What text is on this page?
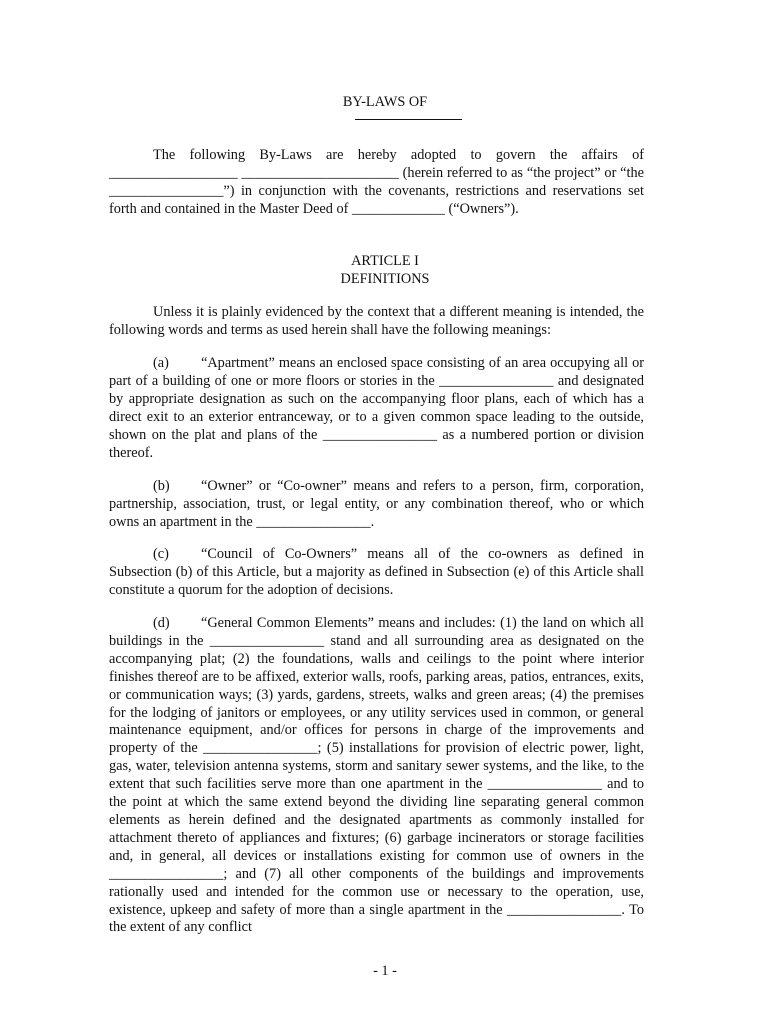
BY-LAWS OF

The following By-Laws are hereby adopted to govern the affairs of __________________ ______________________ (herein referred to as “the project” or “the ________________”) in conjunction with the covenants, restrictions and reservations set forth and contained in the Master Deed of _____________ (“Owners”).

ARTICLE I
DEFINITIONS

Unless it is plainly evidenced by the context that a different meaning is intended, the following words and terms as used herein shall have the following meanings:

(a) “Apartment” means an enclosed space consisting of an area occupying all or part of a building of one or more floors or stories in the ________________ and designated by appropriate designation as such on the accompanying floor plans, each of which has a direct exit to an exterior entranceway, or to a given common space leading to the outside, shown on the plat and plans of the ________________ as a numbered portion or division thereof.

(b) “Owner” or “Co-owner” means and refers to a person, firm, corporation, partnership, association, trust, or legal entity, or any combination thereof, who or which owns an apartment in the ________________.

(c) “Council of Co-Owners” means all of the co-owners as defined in Subsection (b) of this Article, but a majority as defined in Subsection (e) of this Article shall constitute a quorum for the adoption of decisions.

(d) “General Common Elements” means and includes: (1) the land on which all buildings in the ________________ stand and all surrounding area as designated on the accompanying plat; (2) the foundations, walls and ceilings to the point where interior finishes thereof are to be affixed, exterior walls, roofs, parking areas, patios, entrances, exits, or communication ways; (3) yards, gardens, streets, walks and green areas; (4) the premises for the lodging of janitors or employees, or any utility services used in common, or general maintenance equipment, and/or offices for persons in charge of the improvements and property of the ________________; (5) installations for provision of electric power, light, gas, water, television antenna systems, storm and sanitary sewer systems, and the like, to the extent that such facilities serve more than one apartment in the ________________ and to the point at which the same extend beyond the dividing line separating general common elements as herein defined and the designated apartments as commonly installed for attachment thereto of appliances and fixtures; (6) garbage incinerators or storage facilities and, in general, all devices or installations existing for common use of owners in the ________________; and (7) all other components of the buildings and improvements rationally used and intended for the common use or necessary to the operation, use, existence, upkeep and safety of more than a single apartment in the ________________. To the extent of any conflict

- 1 -
